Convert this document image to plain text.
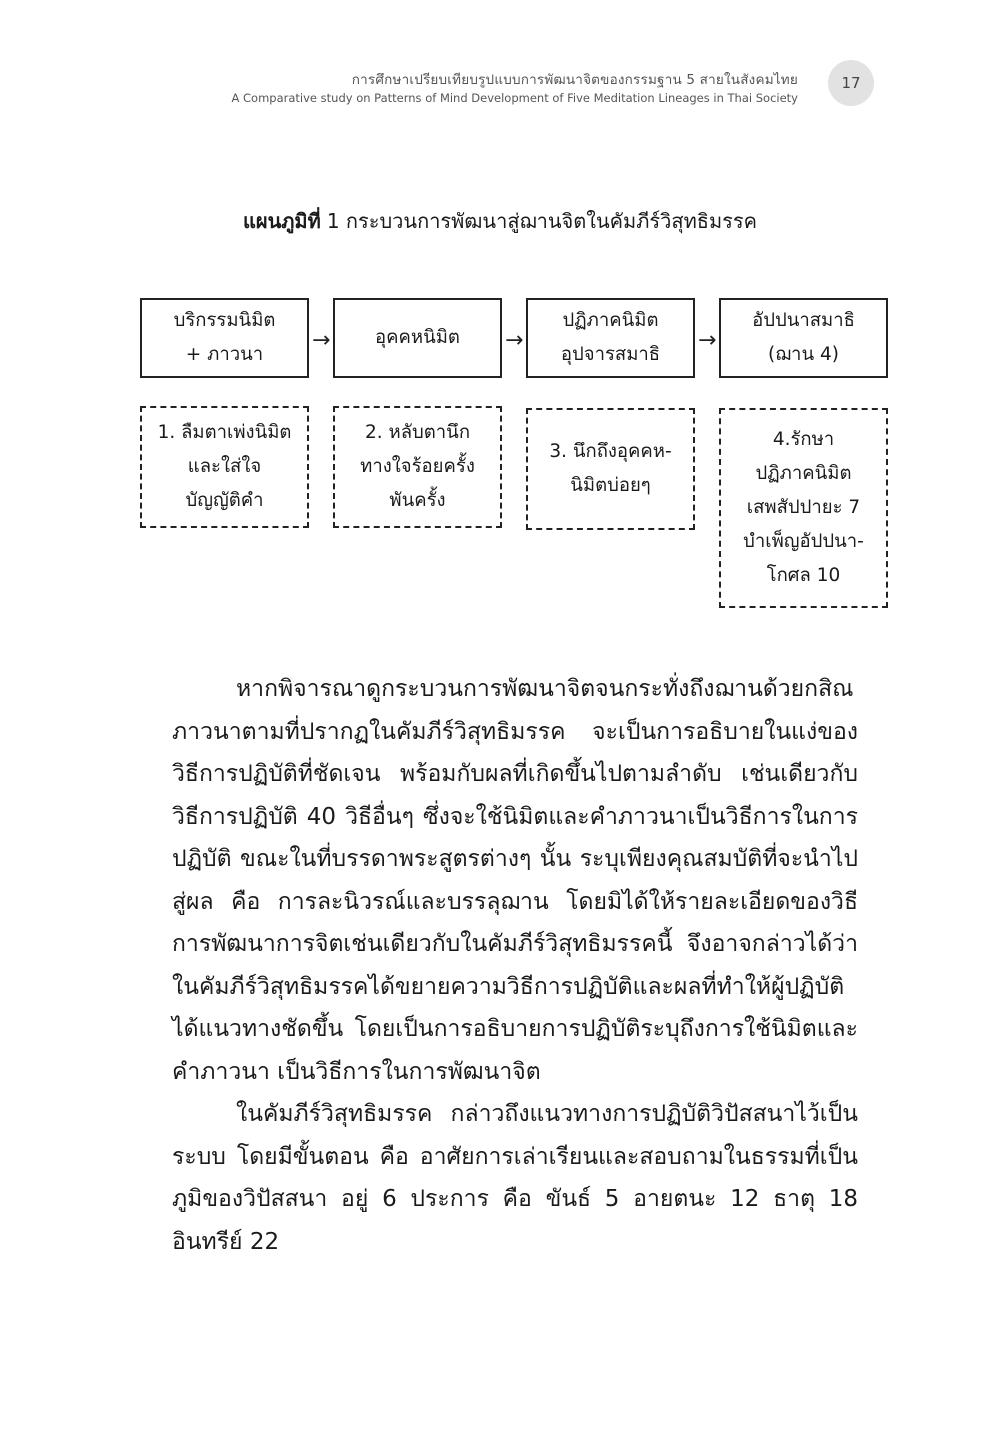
การศึกษาเปรียบเทียบรูปแบบการพัฒนาจิตของกรรมฐาน 5 สายในสังคมไทย
A Comparative study on Patterns of Mind Development of Five Meditation Lineages in Thai Society
17
แผนภูมิที่ 1 กระบวนการพัฒนาสู่ฌานจิตในคัมภีร์วิสุทธิมรรค
บริกรรมนิมิต
+ ภาวนา
→ อุคคหนิมิต →
ปฏิภาคนิมิต
อุปจารสมาธิ
→
อัปปนาสมาธิ
(ฌาน 4)
1. ลืมตาเพ่งนิมิต
และใส่ใจ
บัญญัติคำ
2. หลับตานึก
ทางใจร้อยครั้ง
พันครั้ง
3. นึกถึงอุคคห-
นิมิตบ่อยๆ
4.รักษา
ปฏิภาคนิมิต
เสพสัปปายะ 7
บำเพ็ญอัปปนา-
โกศล 10

หากพิจารณาดูกระบวนการพัฒนาจิตจนกระทั่งถึงฌานด้วยกสิณภาวนาตามที่ปรากฏในคัมภีร์วิสุทธิมรรค จะเป็นการอธิบายในแง่ของวิธีการปฏิบัติที่ชัดเจน พร้อมกับผลที่เกิดขึ้นไปตามลำดับ เช่นเดียวกับวิธีการปฏิบัติ 40 วิธีอื่นๆ ซึ่งจะใช้นิมิตและคำภาวนาเป็นวิธีการในการปฏิบัติ ขณะในที่บรรดาพระสูตรต่างๆ นั้น ระบุเพียงคุณสมบัติที่จะนำไปสู่ผล คือ การละนิวรณ์และบรรลุฌาน โดยมิได้ให้รายละเอียดของวิธีการพัฒนาการจิตเช่นเดียวกับในคัมภีร์วิสุทธิมรรคนี้ จึงอาจกล่าวได้ว่า ในคัมภีร์วิสุทธิมรรคได้ขยายความวิธีการปฏิบัติและผลที่ทำให้ผู้ปฏิบัติได้แนวทางชัดขึ้น โดยเป็นการอธิบายการปฏิบัติระบุถึงการใช้นิมิตและคำภาวนา เป็นวิธีการในการพัฒนาจิต

ในคัมภีร์วิสุทธิมรรค กล่าวถึงแนวทางการปฏิบัติวิปัสสนาไว้เป็นระบบ โดยมีขั้นตอน คือ อาศัยการเล่าเรียนและสอบถามในธรรมที่เป็นภูมิของวิปัสสนา อยู่ 6 ประการ คือ ขันธ์ 5 อายตนะ 12 ธาตุ 18 อินทรีย์ 22
